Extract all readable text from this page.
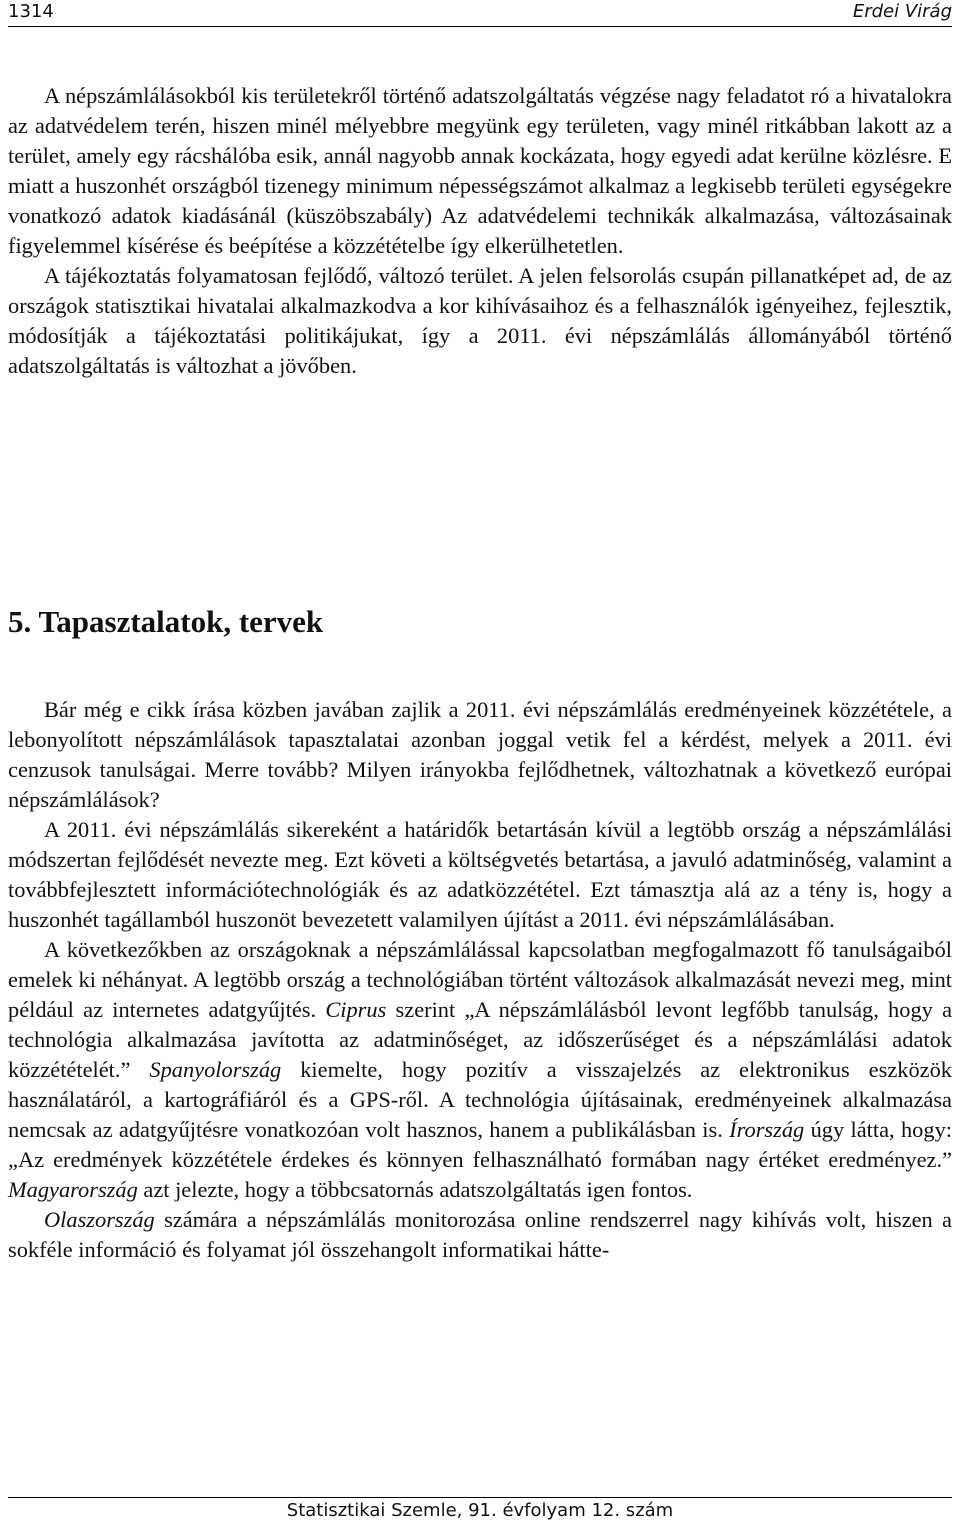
1314	Erdei Virág

A népszámlálásokból kis területekről történő adatszolgáltatás végzése nagy feladatot ró a hivatalokra az adatvédelem terén, hiszen minél mélyebbre megyünk egy területen, vagy minél ritkábban lakott az a terület, amely egy rácshálóba esik, annál nagyobb annak kockázata, hogy egyedi adat kerülne közlésre. E miatt a huszonhét országból tizenegy minimum népességszámot alkalmaz a legkisebb területi egységekre vonatkozó adatok kiadásánál (küszöbszabály) Az adatvédelemi technikák alkalmazása, változásainak figyelemmel kísérése és beépítése a közzétételbe így elkerülhetetlen.

A tájékoztatás folyamatosan fejlődő, változó terület. A jelen felsorolás csupán pillanatképet ad, de az országok statisztikai hivatalai alkalmazkodva a kor kihívásaihoz és a felhasználók igényeihez, fejlesztik, módosítják a tájékoztatási politikájukat, így a 2011. évi népszámlálás állományából történő adatszolgáltatás is változhat a jövőben.

5. Tapasztalatok, tervek

Bár még e cikk írása közben javában zajlik a 2011. évi népszámlálás eredményeinek közzététele, a lebonyolított népszámlálások tapasztalatai azonban joggal vetik fel a kérdést, melyek a 2011. évi cenzusok tanulságai. Merre tovább? Milyen irányokba fejlődhetnek, változhatnak a következő európai népszámlálások?

A 2011. évi népszámlálás sikereként a határidők betartásán kívül a legtöbb ország a népszámlálási módszertan fejlődését nevezte meg. Ezt követi a költségvetés betartása, a javuló adatminőség, valamint a továbbfejlesztett információtechnológiák és az adatközzététel. Ezt támasztja alá az a tény is, hogy a huszonhét tagállamból huszonöt bevezetett valamilyen újítást a 2011. évi népszámlálásában.

A következőkben az országoknak a népszámlálással kapcsolatban megfogalmazott fő tanulságaiból emelek ki néhányat. A legtöbb ország a technológiában történt változások alkalmazását nevezi meg, mint például az internetes adatgyűjtés. Ciprus szerint „A népszámlálásból levont legfőbb tanulság, hogy a technológia alkalmazása javította az adatminőséget, az időszerűséget és a népszámlálási adatok közzétételét.” Spanyolország kiemelte, hogy pozitív a visszajelzés az elektronikus eszközök használatáról, a kartográfiáról és a GPS-ről. A technológia újításainak, eredményeinek alkalmazása nemcsak az adatgyűjtésre vonatkozóan volt hasznos, hanem a publikálásban is. Írország úgy látta, hogy: „Az eredmények közzététele érdekes és könnyen felhasználható formában nagy értéket eredményez.” Magyarország azt jelezte, hogy a többcsatornás adatszolgáltatás igen fontos.

Olaszország számára a népszámlálás monitorozása online rendszerrel nagy kihívás volt, hiszen a sokféle információ és folyamat jól összehangolt informatikai hátte-

Statisztikai Szemle, 91. évfolyam 12. szám
